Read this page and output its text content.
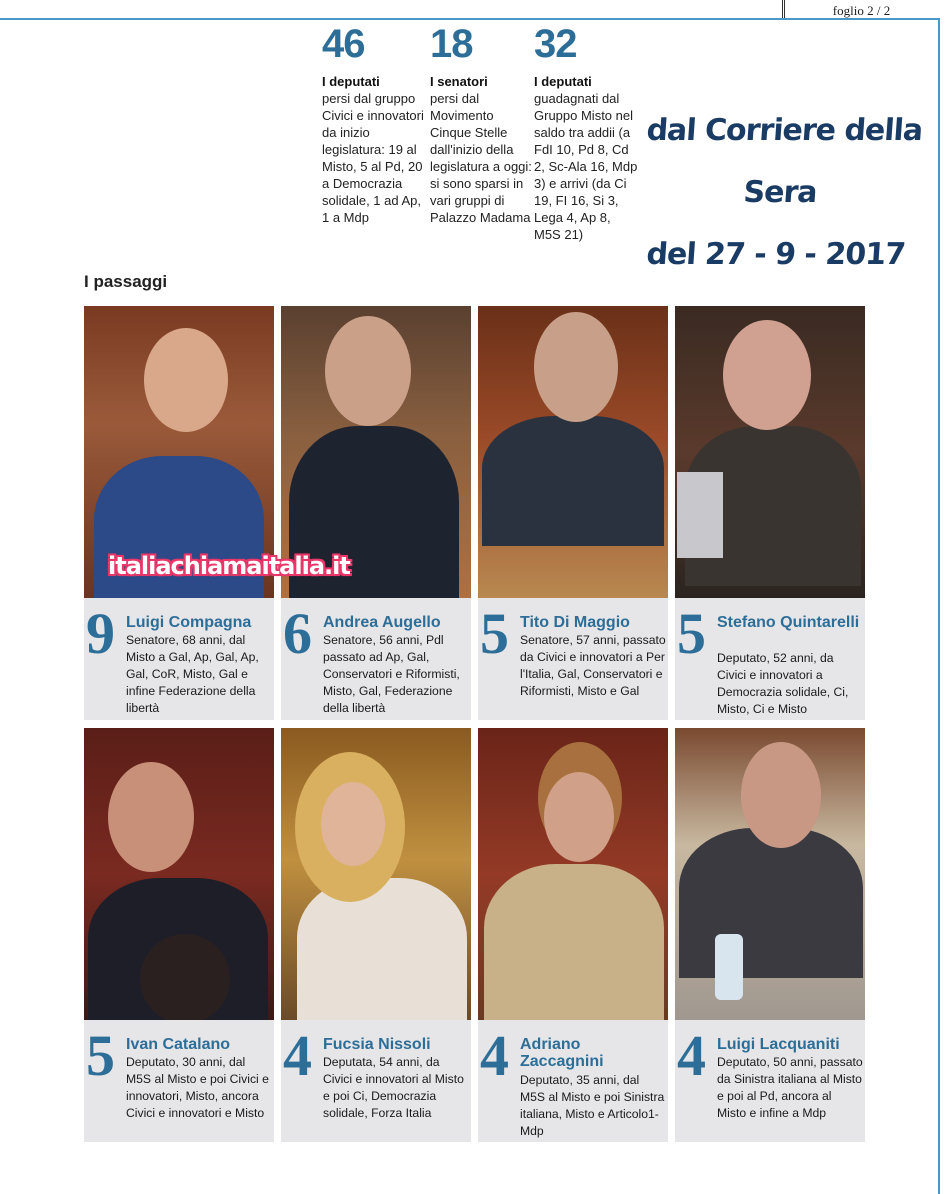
foglio 2 / 2
46
I deputati
persi dal gruppo Civici e innovatori da inizio legislatura: 19 al Misto, 5 al Pd, 20 a Democrazia solidale, 1 ad Ap, 1 a Mdp
18
I senatori
persi dal Movimento Cinque Stelle dall'inizio della legislatura a oggi: si sono sparsi in vari gruppi di Palazzo Madama
32
I deputati
guadagnati dal Gruppo Misto nel saldo tra addii (a FdI 10, Pd 8, Cd 2, Sc-Ala 16, Mdp 3) e arrivi (da Ci 19, FI 16, Si 3, Lega 4, Ap 8, M5S 21)
dal Corriere della Sera
del 27 - 9 - 2017
I passaggi
9 Luigi Compagna
Senatore, 68 anni, dal Misto a Gal, Ap, Gal, Ap, Gal, CoR, Misto, Gal e infine Federazione della libertà
6 Andrea Augello
Senatore, 56 anni, Pdl passato ad Ap, Gal, Conservatori e Riformisti, Misto, Gal, Federazione della libertà
5 Tito Di Maggio
Senatore, 57 anni, passato da Civici e innovatori a Per l'Italia, Gal, Conservatori e Riformisti, Misto e Gal
5 Stefano Quintarelli
Deputato, 52 anni, da Civici e innovatori a Democrazia solidale, Ci, Misto, Ci e Misto
5 Ivan Catalano
Deputato, 30 anni, dal M5S al Misto e poi Civici e innovatori, Misto, ancora Civici e innovatori e Misto
4 Fucsia Nissoli
Deputata, 54 anni, da Civici e innovatori al Misto e poi Ci, Democrazia solidale, Forza Italia
4 Adriano Zaccagnini
Deputato, 35 anni, dal M5S al Misto e poi Sinistra italiana, Misto e Articolo1-Mdp
4 Luigi Lacquaniti
Deputato, 50 anni, passato da Sinistra italiana al Misto e poi al Pd, ancora al Misto e infine a Mdp
italiachiamaitalia.it
